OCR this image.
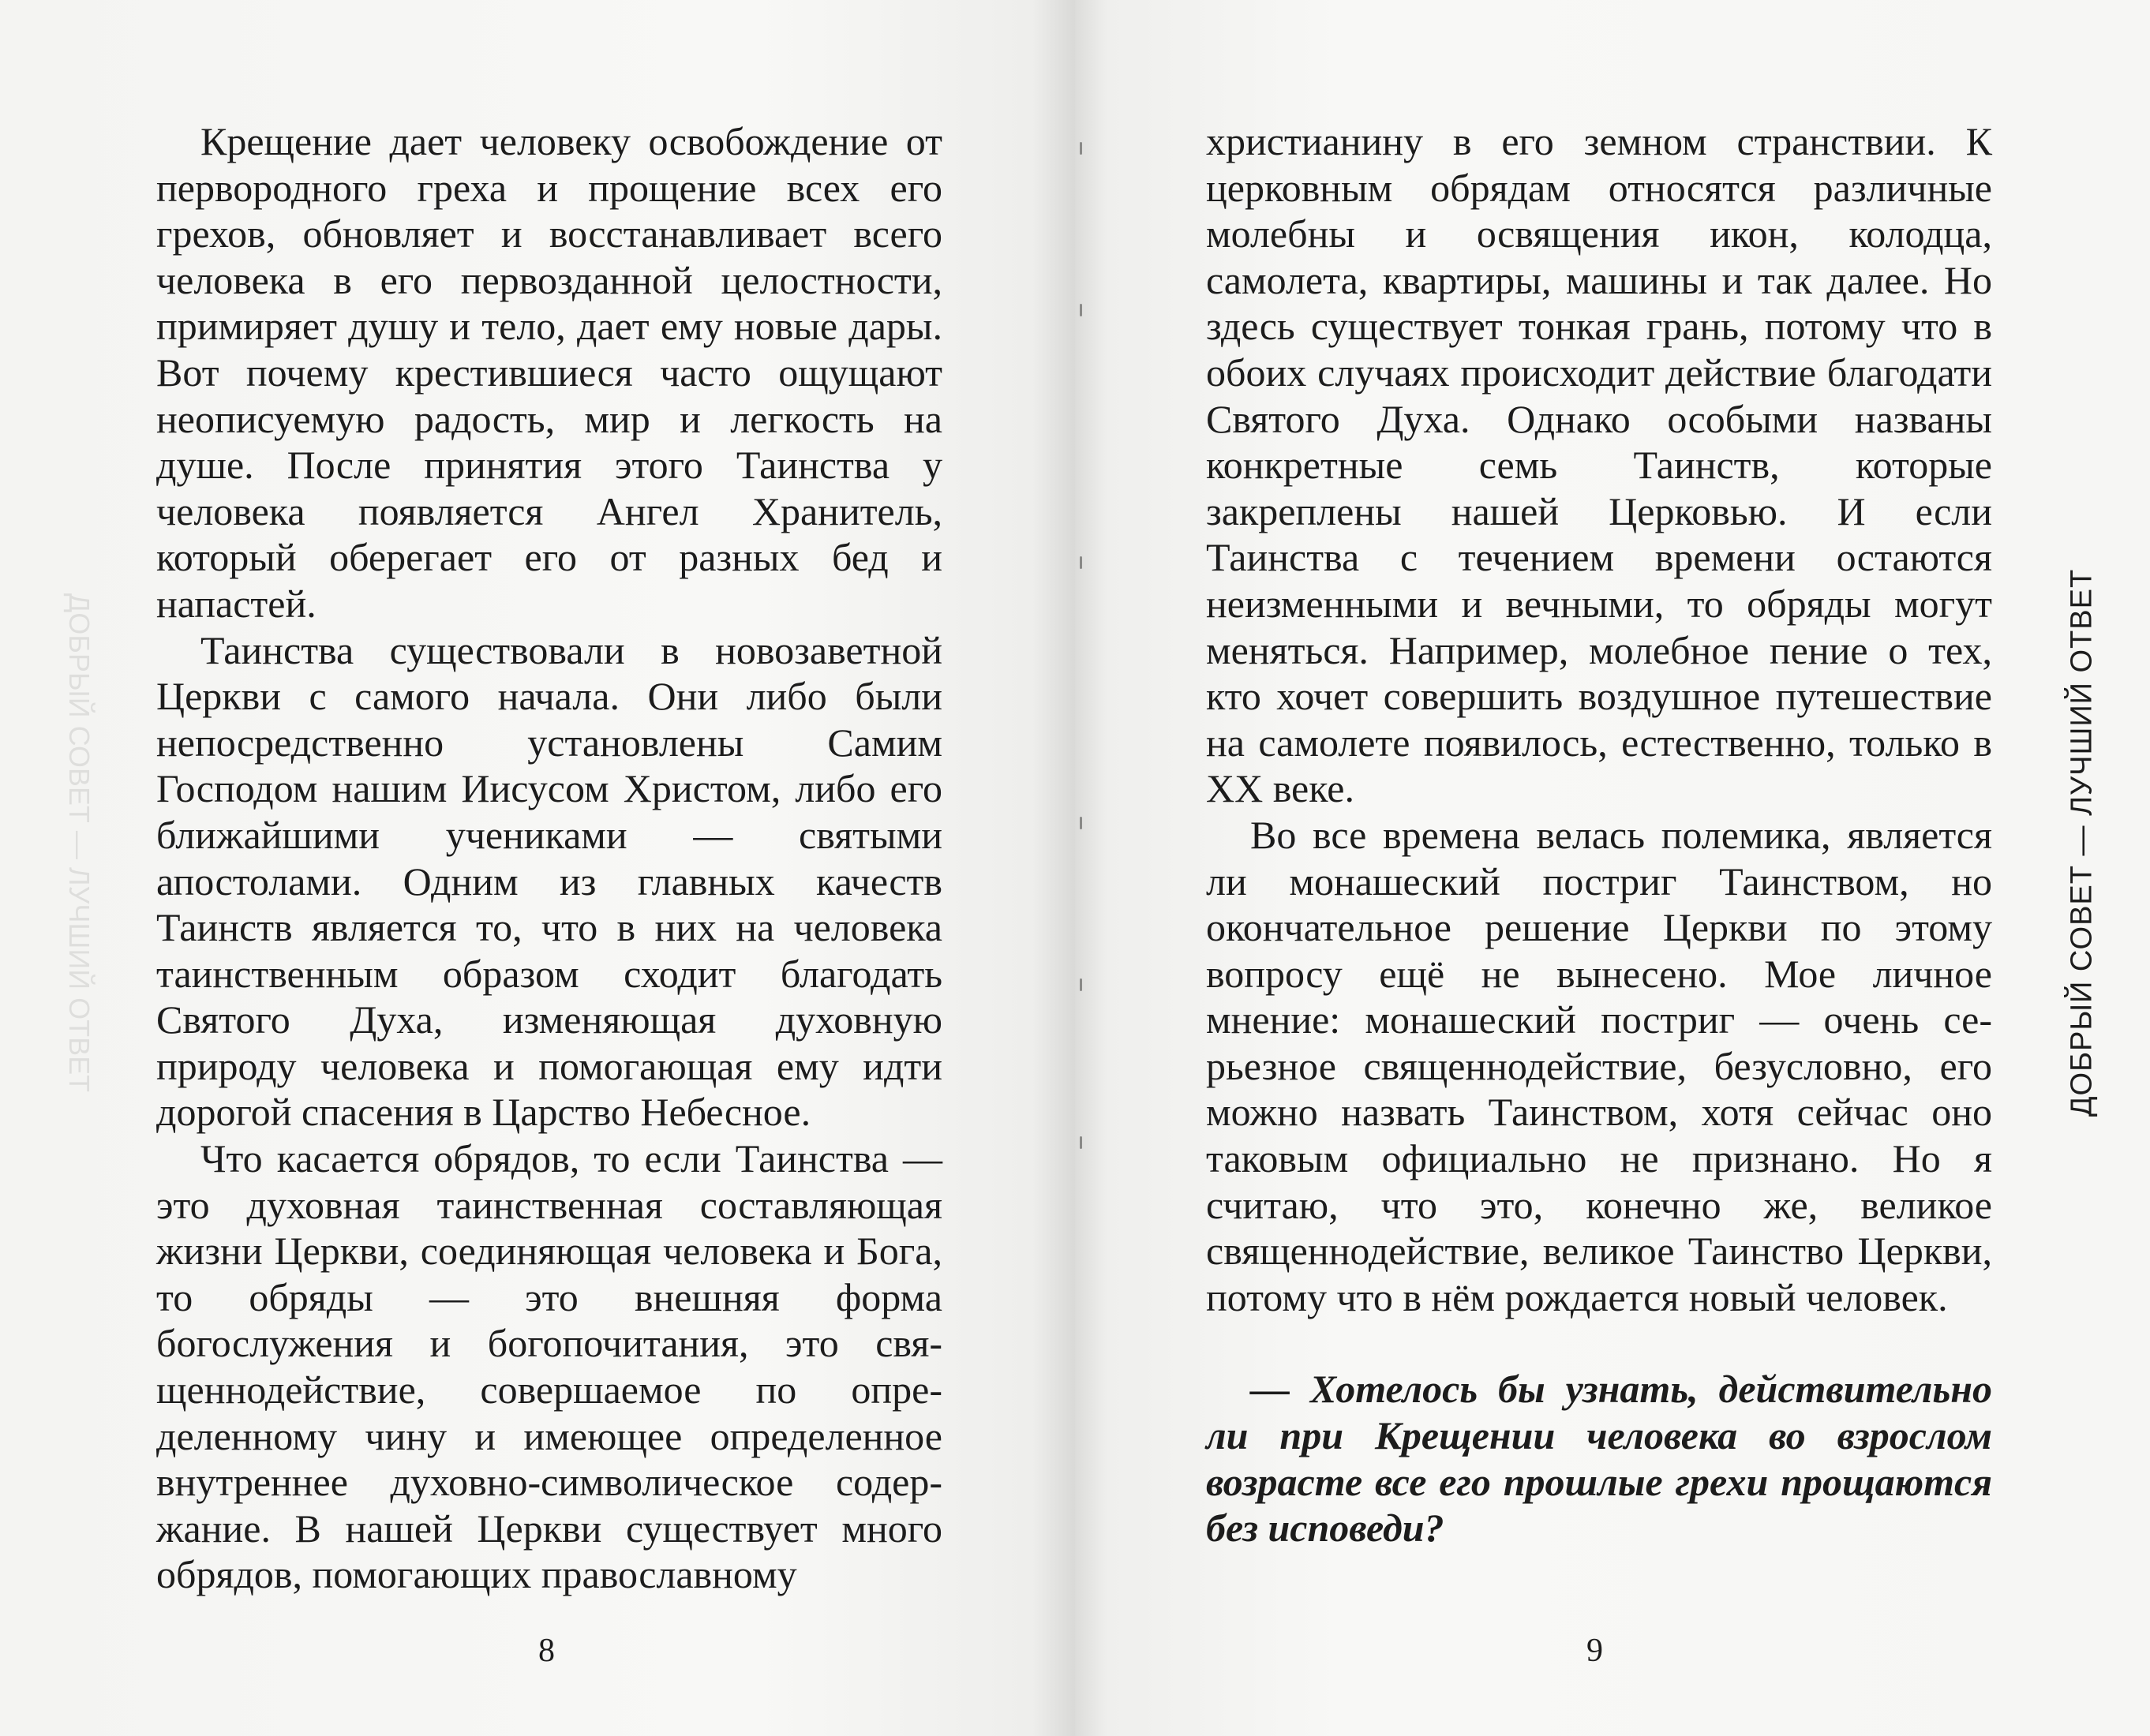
ДОБРЫЙ СОВЕТ — ЛУЧШИЙ ОТВЕТ

Крещение дает человеку освобождение от первородного греха и прощение всех его грехов, обновляет и восстанавливает всего человека в его первозданной целостности, примиряет душу и тело, дает ему новые дары. Вот почему крестившиеся часто ощущают неописуемую радость, мир и легкость на душе. После принятия этого Таинства у человека появляется Ангел Хранитель, который оберегает его от разных бед и напастей.

Таинства существовали в новозаветной Церкви с самого начала. Они либо были непосредственно установлены Самим Господом нашим Иисусом Христом, либо его ближайшими учениками — святыми апостолами. Одним из главных качеств Таинств является то, что в них на человека таинственным образом сходит благодать Святого Духа, изменяющая духовную природу человека и помогающая ему идти дорогой спасения в Царство Небесное.

Что касается обрядов, то если Таинства — это духовная таинственная составляющая жизни Церкви, соединяющая человека и Бога, то обряды — это внешняя форма богослужения и богопочитания, это священнодействие, совершаемое по определенному чину и имеющее определенное внутреннее духовно-символическое содержание. В нашей Церкви существует много обрядов, помогающих православному

8

христианину в его земном странствии. К церковным обрядам относятся различные молебны и освящения икон, колодца, самолета, квартиры, машины и так далее. Но здесь существует тонкая грань, потому что в обоих случаях происходит действие благодати Святого Духа. Однако особыми названы конкретные семь Таинств, которые закреплены нашей Церковью. И если Таинства с течением времени остаются неизменными и вечными, то обряды могут меняться. Например, молебное пение о тех, кто хочет совершить воздушное путешествие на самолете появилось, естественно, только в XX веке.

Во все времена велась полемика, является ли монашеский постриг Таинством, но окончательное решение Церкви по этому вопросу ещё не вынесено. Мое личное мнение: монашеский постриг — очень серьезное священнодействие, безусловно, его можно назвать Таинством, хотя сейчас оно таковым официально не признано. Но я считаю, что это, конечно же, великое священнодействие, великое Таинство Церкви, потому что в нём рождается новый человек.

— Хотелось бы узнать, действительно ли при Крещении человека во взрослом возрасте все его прошлые грехи прощаются без исповеди?

9
ДОБРЫЙ СОВЕТ — ЛУЧШИЙ ОТВЕТ
